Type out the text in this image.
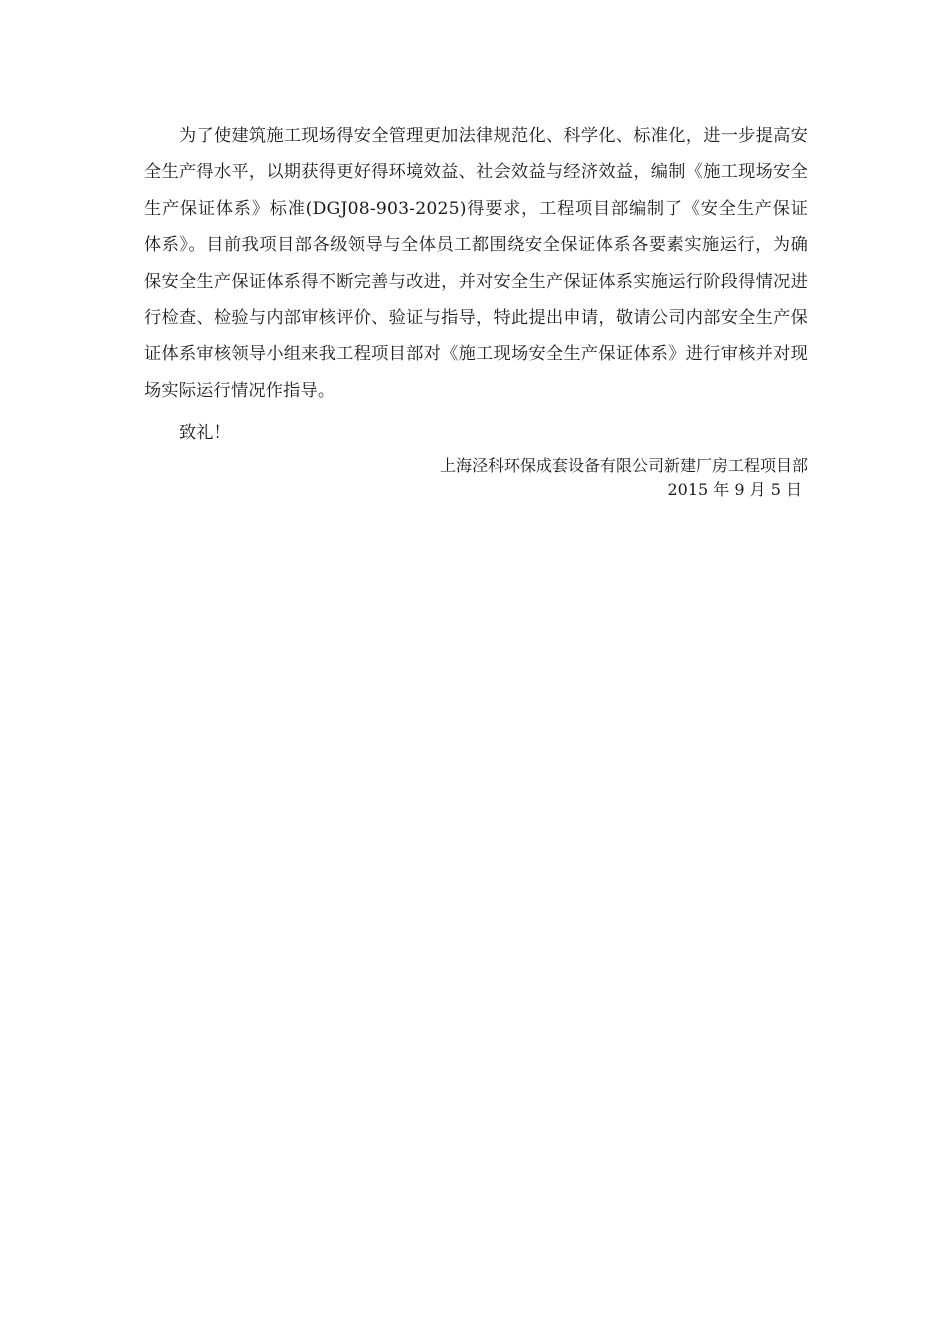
为了使建筑施工现场得安全管理更加法律规范化、科学化、标准化，进一步提高安全生产得水平，以期获得更好得环境效益、社会效益与经济效益，编制《施工现场安全生产保证体系》标准(DGJ08-903-2025)得要求，工程项目部编制了《安全生产保证体系》。目前我项目部各级领导与全体员工都围绕安全保证体系各要素实施运行，为确保安全生产保证体系得不断完善与改进，并对安全生产保证体系实施运行阶段得情况进行检查、检验与内部审核评价、验证与指导，特此提出申请，敬请公司内部安全生产保证体系审核领导小组来我工程项目部对《施工现场安全生产保证体系》进行审核并对现场实际运行情况作指导。

致礼！

上海泾科环保成套设备有限公司新建厂房工程项目部
2015 年 9 月 5 日
